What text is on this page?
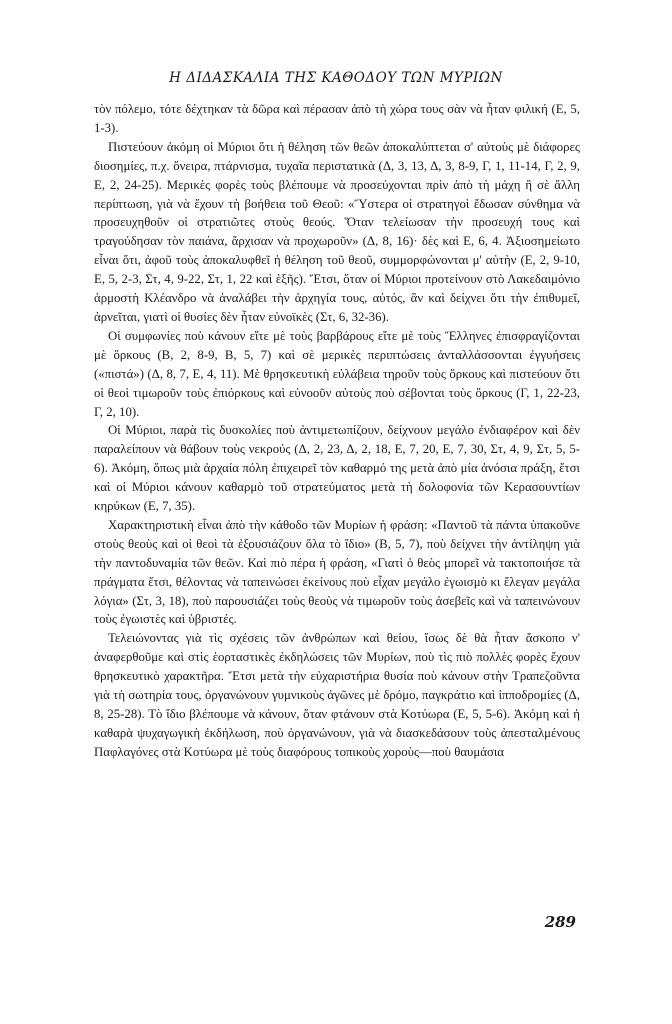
Η ΔΙΔΑΣΚΑΛΙΑ ΤΗΣ ΚΑΘΟΔΟΥ ΤΩΝ ΜΥΡΙΩΝ

τὸν πόλεμο, τότε δέχτηκαν τὰ δῶρα καὶ πέρασαν ἀπὸ τὴ χώρα τους σὰν νὰ ἦταν φιλική (Ε, 5, 1-3).

Πιστεύουν ἀκόμη οἱ Μύριοι ὅτι ἡ θέληση τῶν θεῶν ἀποκαλύπτεται σ' αὐτοὺς μὲ διάφορες διοσημίες, π.χ. ὄνειρα, πτάρνισμα, τυχαῖα περιστατικὰ (Δ, 3, 13, Δ, 3, 8-9, Γ, 1, 11-14, Γ, 2, 9, Ε, 2, 24-25). Μερικὲς φορὲς τοὺς βλέπουμε νὰ προσεύχονται πρὶν ἀπὸ τὴ μάχη ἢ σὲ ἄλλη περίπτωση, γιὰ νὰ ἔχουν τὴ βοήθεια τοῦ Θεοῦ: «Ὕστερα οἱ στρατηγοὶ ἔδωσαν σύνθημα νὰ προσευχηθοῦν οἱ στρατιῶτες στοὺς θεούς. Ὅταν τελείωσαν τὴν προσευχή τους καὶ τραγούδησαν τὸν παιάνα, ἄρχισαν νὰ προχωροῦν» (Δ, 8, 16)· δὲς καὶ Ε, 6, 4. Ἀξιοσημείωτο εἶναι ὅτι, ἀφοῦ τοὺς ἀποκαλυφθεῖ ἡ θέληση τοῦ θεοῦ, συμμορφώνονται μ' αὐτὴν (Ε, 2, 9-10, Ε, 5, 2-3, Στ, 4, 9-22, Στ, 1, 22 καὶ ἑξῆς). Ἔτσι, ὅταν οἱ Μύριοι προτείνουν στὸ Λακεδαιμόνιο ἁρμοστὴ Κλέανδρο νὰ ἀναλάβει τὴν ἀρχηγία τους, αὐτός, ἂν καὶ δείχνει ὅτι τὴν ἐπιθυμεῖ, ἀρνεῖται, γιατὶ οἱ θυσίες δὲν ἦταν εὐνοϊκὲς (Στ, 6, 32-36).

Οἱ συμφωνίες ποὺ κάνουν εἴτε μὲ τοὺς βαρβάρους εἴτε μὲ τοὺς Ἕλληνες ἐπισφραγίζονται μὲ ὅρκους (Β, 2, 8-9, Β, 5, 7) καὶ σὲ μερικὲς περιπτώσεις ἀνταλλάσσονται ἐγγυήσεις («πιστά») (Δ, 8, 7, Ε, 4, 11). Μὲ θρησκευτικὴ εὐλάβεια τηροῦν τοὺς ὅρκους καὶ πιστεύουν ὅτι οἱ θεοὶ τιμωροῦν τοὺς ἐπιόρκους καὶ εὐνοοῦν αὐτοὺς ποὺ σέβονται τοὺς ὅρκους (Γ, 1, 22-23, Γ, 2, 10).

Οἱ Μύριοι, παρὰ τὶς δυσκολίες ποὺ ἀντιμετωπίζουν, δείχνουν μεγάλο ἐνδιαφέρον καὶ δὲν παραλείπουν νὰ θάβουν τοὺς νεκρούς (Δ, 2, 23, Δ, 2, 18, Ε, 7, 20, Ε, 7, 30, Στ, 4, 9, Στ, 5, 5-6). Ἀκόμη, ὅπως μιὰ ἀρχαία πόλη ἐπιχειρεῖ τὸν καθαρμό της μετὰ ἀπὸ μία ἀνόσια πράξη, ἔτσι καὶ οἱ Μύριοι κάνουν καθαρμὸ τοῦ στρατεύματος μετὰ τὴ δολοφονία τῶν Κερασουντίων κηρύκων (Ε, 7, 35).

Χαρακτηριστικὴ εἶναι ἀπὸ τὴν κάθοδο τῶν Μυρίων ἡ φράση: «Παντοῦ τὰ πάντα ὑπακοῦνε στοὺς θεοὺς καὶ οἱ θεοὶ τὰ ἐξουσιάζουν ὅλα τὸ ἴδιο» (Β, 5, 7), ποὺ δείχνει τὴν ἀντίληψη γιὰ τὴν παντοδυναμία τῶν θεῶν. Καὶ πιὸ πέρα ἡ φράση, «Γιατὶ ὁ θεὸς μπορεῖ νὰ τακτοποιήσε τὰ πράγματα ἔτσι, θέλοντας νὰ ταπεινώσει ἐκείνους ποὺ εἶχαν μεγάλο ἐγωισμὸ κι ἔλεγαν μεγάλα λόγια» (Στ, 3, 18), ποὺ παρουσιάζει τοὺς θεοὺς νὰ τιμωροῦν τοὺς ἀσεβεῖς καὶ νὰ ταπεινώνουν τοὺς ἐγωιστὲς καὶ ὑβριστές.

Τελειώνοντας γιὰ τὶς σχέσεις τῶν ἀνθρώπων καὶ θείου, ἴσως δὲ θὰ ἦταν ἄσκοπο ν' ἀναφερθοῦμε καὶ στὶς ἑορταστικὲς ἐκδηλώσεις τῶν Μυρίων, ποὺ τὶς πιὸ πολλὲς φορὲς ἔχουν θρησκευτικὸ χαρακτῆρα. Ἔτσι μετὰ τὴν εὐχαριστήρια θυσία ποὺ κάνουν στὴν Τραπεζοῦντα γιὰ τὴ σωτηρία τους, ὀργανώνουν γυμνικοὺς ἀγῶνες μὲ δρόμο, παγκράτιο καὶ ἱπποδρομίες (Δ, 8, 25-28). Τὸ ἴδιο βλέπουμε νὰ κάνουν, ὅταν φτάνουν στὰ Κοτύωρα (Ε, 5, 5-6). Ἀκόμη καὶ ἡ καθαρὰ ψυχαγωγικὴ ἐκδήλωση, ποὺ ὀργανώνουν, γιὰ νὰ διασκεδάσουν τοὺς ἀπεσταλμένους Παφλαγόνες στὰ Κοτύωρα μὲ τοὺς διαφόρους τοπικοὺς χοροὺς—ποὺ θαυμάσια

289
